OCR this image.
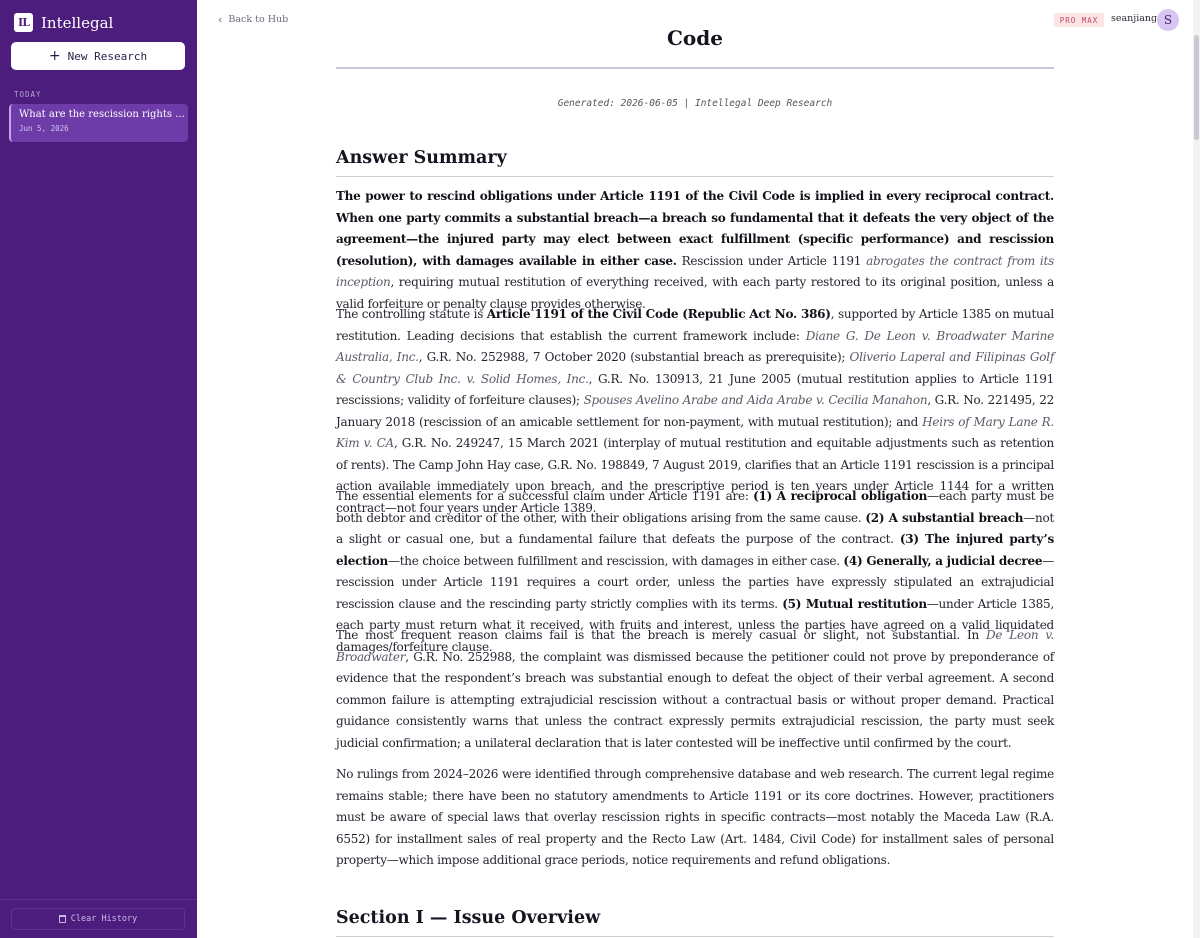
IL Intellegal
+ New Research
TODAY
What are the rescission rights ...
Jun 5, 2026
Clear History
‹ Back to Hub	PRO MAX	seanjiang S
Code
Generated: 2026-06-05 | Intellegal Deep Research
Answer Summary

The power to rescind obligations under Article 1191 of the Civil Code is implied in every reciprocal contract. When one party commits a substantial breach—a breach so fundamental that it defeats the very object of the agreement—the injured party may elect between exact fulfillment (specific performance) and rescission (resolution), with damages available in either case. Rescission under Article 1191 abrogates the contract from its inception, requiring mutual restitution of everything received, with each party restored to its original position, unless a valid forfeiture or penalty clause provides otherwise.

The controlling statute is Article 1191 of the Civil Code (Republic Act No. 386), supported by Article 1385 on mutual restitution. Leading decisions that establish the current framework include: Diane G. De Leon v. Broadwater Marine Australia, Inc., G.R. No. 252988, 7 October 2020 (substantial breach as prerequisite); Oliverio Laperal and Filipinas Golf & Country Club Inc. v. Solid Homes, Inc., G.R. No. 130913, 21 June 2005 (mutual restitution applies to Article 1191 rescissions; validity of forfeiture clauses); Spouses Avelino Arabe and Aida Arabe v. Cecilia Manahon, G.R. No. 221495, 22 January 2018 (rescission of an amicable settlement for non-payment, with mutual restitution); and Heirs of Mary Lane R. Kim v. CA, G.R. No. 249247, 15 March 2021 (interplay of mutual restitution and equitable adjustments such as retention of rents). The Camp John Hay case, G.R. No. 198849, 7 August 2019, clarifies that an Article 1191 rescission is a principal action available immediately upon breach, and the prescriptive period is ten years under Article 1144 for a written contract—not four years under Article 1389.

The essential elements for a successful claim under Article 1191 are: (1) A reciprocal obligation—each party must be both debtor and creditor of the other, with their obligations arising from the same cause. (2) A substantial breach—not a slight or casual one, but a fundamental failure that defeats the purpose of the contract. (3) The injured party’s election—the choice between fulfillment and rescission, with damages in either case. (4) Generally, a judicial decree—rescission under Article 1191 requires a court order, unless the parties have expressly stipulated an extrajudicial rescission clause and the rescinding party strictly complies with its terms. (5) Mutual restitution—under Article 1385, each party must return what it received, with fruits and interest, unless the parties have agreed on a valid liquidated damages/forfeiture clause.

The most frequent reason claims fail is that the breach is merely casual or slight, not substantial. In De Leon v. Broadwater, G.R. No. 252988, the complaint was dismissed because the petitioner could not prove by preponderance of evidence that the respondent’s breach was substantial enough to defeat the object of their verbal agreement. A second common failure is attempting extrajudicial rescission without a contractual basis or without proper demand. Practical guidance consistently warns that unless the contract expressly permits extrajudicial rescission, the party must seek judicial confirmation; a unilateral declaration that is later contested will be ineffective until confirmed by the court.

No rulings from 2024–2026 were identified through comprehensive database and web research. The current legal regime remains stable; there have been no statutory amendments to Article 1191 or its core doctrines. However, practitioners must be aware of special laws that overlay rescission rights in specific contracts—most notably the Maceda Law (R.A. 6552) for installment sales of real property and the Recto Law (Art. 1484, Civil Code) for installment sales of personal property—which impose additional grace periods, notice requirements and refund obligations.

Section I — Issue Overview
